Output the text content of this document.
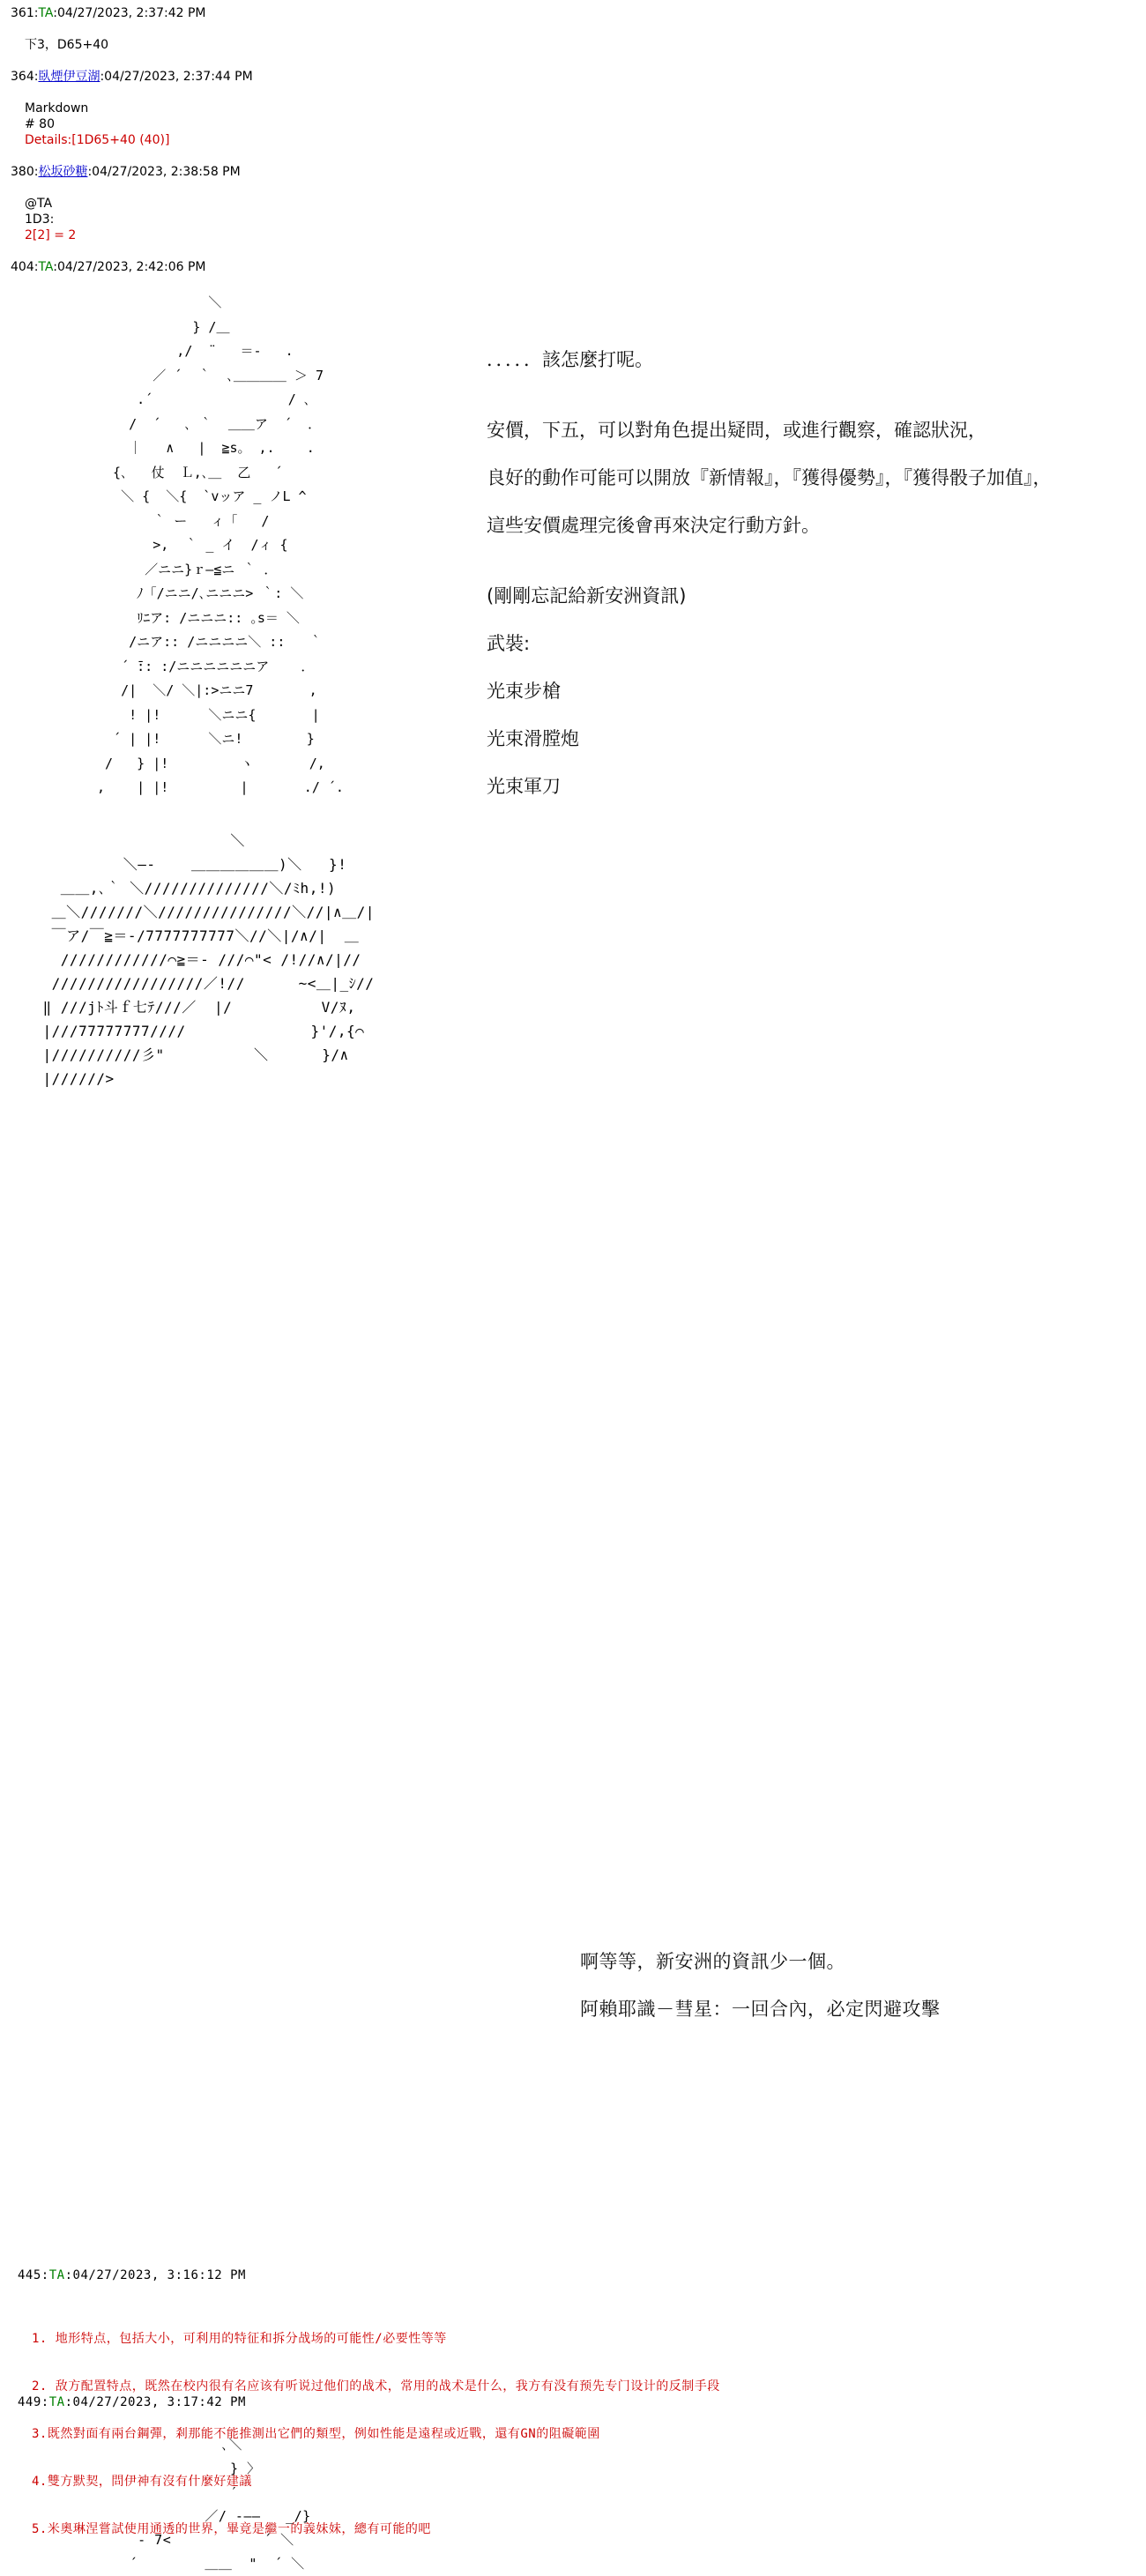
361:TA:04/27/2023, 2:37:42 PM
下3，D65+40
364:臥煙伊豆湖:04/27/2023, 2:37:44 PM
Markdown
# 80
Details:[1D65+40 (40)]
380:松坂砂糖:04/27/2023, 2:38:58 PM
@TA
1D3:
2[2] = 2
404:TA:04/27/2023, 2:42:06 PM
＼
} /＿
,/  ¨   ＝-   .
／ ´  ｀  ､＿＿＿＿ ＞ 7
.´                 / ､
/  ´   ､ ｀  ＿＿ア  ´  ．
｜   ∧   |  ≧s。 ,.    .
{､   仗  Ｌ,､＿  乙   ´
＼ {  ＼{  `vッア _ ノL ^
｀ ー   ィ「   /
>,  ｀ _ イ  /ィ {
／ニニ}ｒ―≦ニ ｀ ．
ﾉ「/ニニ/､ニニニ> ｀: ＼
ﾘﾆア: /ニニニ:: ｡s＝ ＼
/ニア:: /ニニニニ＼ ::   ｀
´ ̄:: :/ニニニニニニア    ．
/|  ＼/ ＼|:>ニニ7       ,
! |!      ＼ニニ{       |
´ | |!      ＼ニ!        }
/   } |!         ヽ       /,
,    | |!         |       ./ ´.
．．．．．該怎麼打呢。
安價，下五，可以對角色提出疑問，或進行觀察，確認狀況，
良好的動作可能可以開放『新情報』，『獲得優勢』，『獲得骰子加值』，
這些安價處理完後會再來決定行動方針。
(剛剛忘記給新安洲資訊)
武裝:
光束步槍
光束滑膛炮
光束軍刀
＼
＼―-    ＿＿＿＿＿＿)＼   }!
＿＿,､｀ ＼//////////////＼/ﾐh,!)
＿＼///////＼///////////////＼//|∧＿/|
￣ア/￣≧＝-/7777777777＼//＼|/∧/|  ＿
////////////⌒≧＝- ///⌒"< /!//∧/|//
/////////////////／!//      ~<＿|_ｼ//
‖ ///jﾄ斗ｆ七ﾃ///／  |/          V/ﾇ,
|///77777777////              }'/,{⌒
|//////////彡"          ＼      }/∧
|//////>

啊等等，新安洲的資訊少一個。

阿賴耶識－彗星：一回合內，必定閃避攻擊

445:TA:04/27/2023, 3:16:12 PM

1. 地形特点，包括大小，可利用的特征和拆分战场的可能性/必要性等等

2. 敌方配置特点，既然在校内很有名应该有听说过他们的战术，常用的战术是什么，我方有没有预先专门设计的反制手段

3.既然對面有兩台鋼彈，剎那能不能推測出它們的類型，例如性能是遠程或近戰，還有GN的阻礙範圍

4.雙方默契，問伊神有沒有什麼好建議

5.米奧琳涅嘗試使用通透的世界，畢竟是繼一的義妹妹，總有可能的吧

449:TA:04/27/2023, 3:17:42 PM

､＼
} 〉
′
／/ -――   _/}
- 7<           ´ ＼
´        ＿＿  "  ´ ＼
